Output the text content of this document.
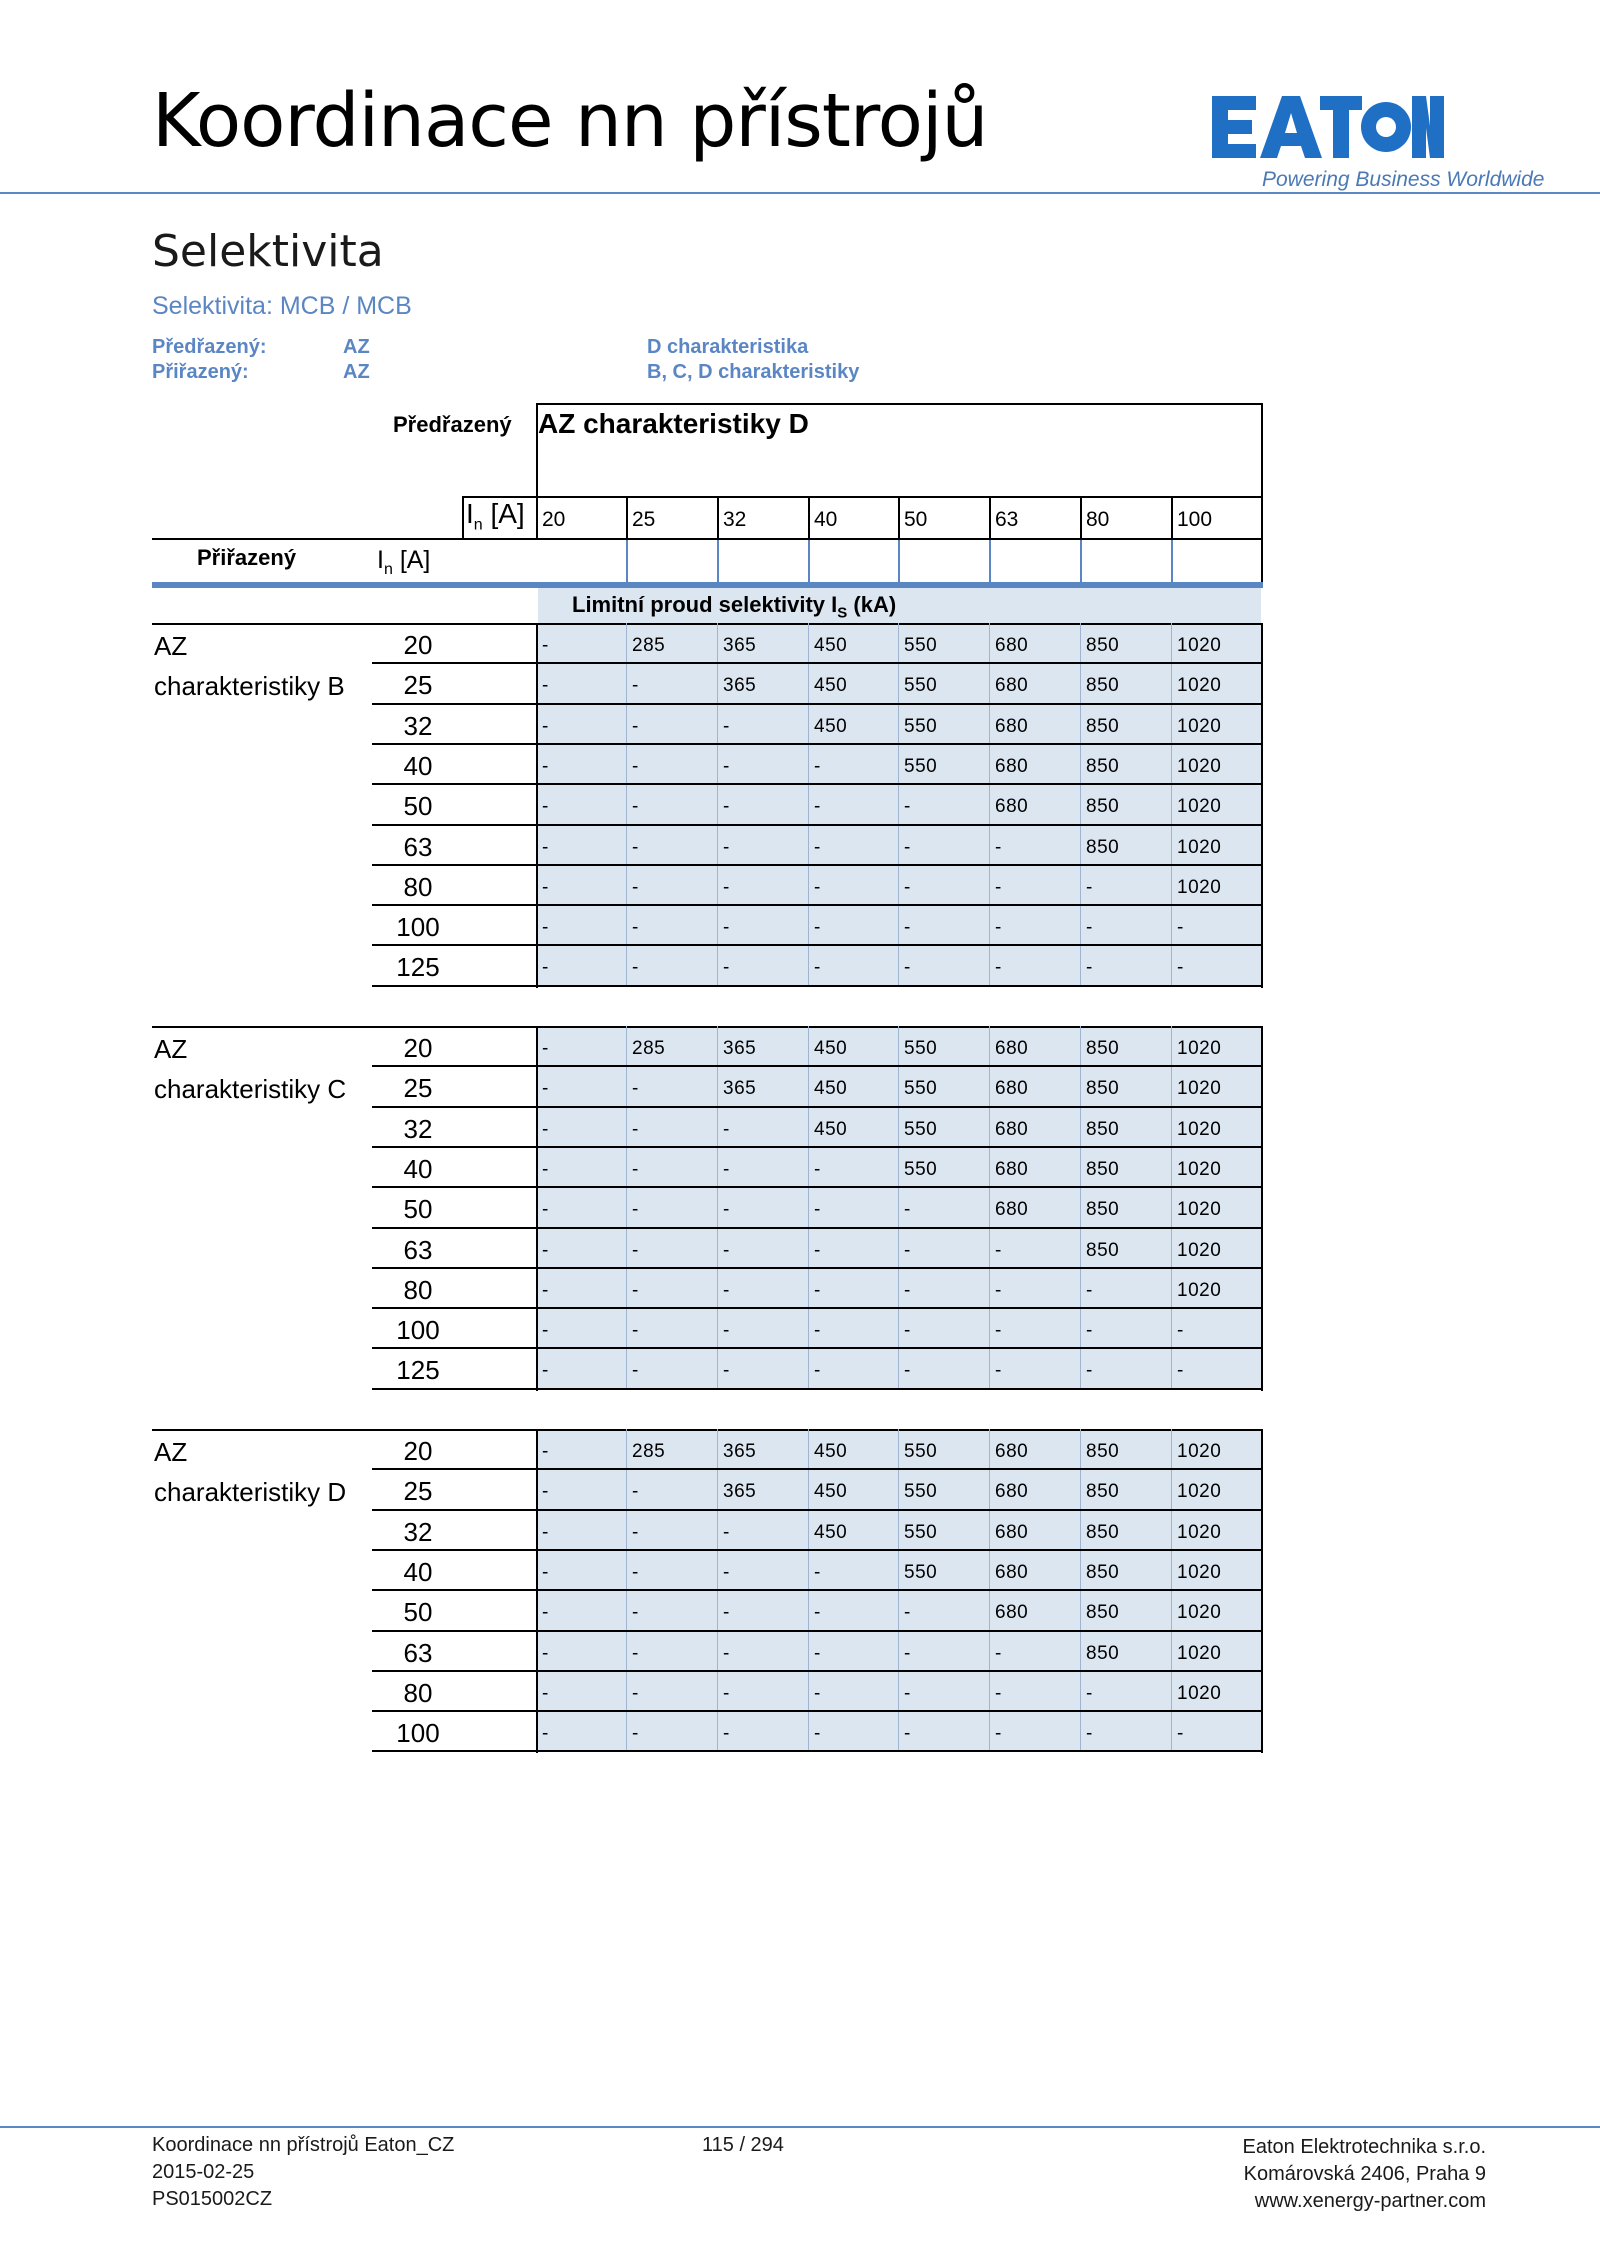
Koordinace nn přístrojů
Powering Business Worldwide
Selektivita
Selektivita: MCB / MCB
Předřazený:	AZ	D charakteristika
Přiřazený:	AZ	B, C, D charakteristiky
Předřazený AZ charakteristiky D
$I_n$ [A]
Přiřazený	$I_n$ [A]
Limitní proud selektivity $I_S$ (kA)
20	25	32	40	50	63	80	100
AZ
charakteristiky B
20	-	285	365	450	550	680	850	1020
25	-	-	365	450	550	680	850	1020
32	-	-	-	450	550	680	850	1020
40	-	-	-	-	550	680	850	1020
50	-	-	-	-	-	680	850	1020
63	-	-	-	-	-	-	850	1020
80	-	-	-	-	-	-	-	1020
100	-	-	-	-	-	-	-	-
125	-	-	-	-	-	-	-	-
AZ
charakteristiky C
20	-	285	365	450	550	680	850	1020
25	-	-	365	450	550	680	850	1020
32	-	-	-	450	550	680	850	1020
40	-	-	-	-	550	680	850	1020
50	-	-	-	-	-	680	850	1020
63	-	-	-	-	-	-	850	1020
80	-	-	-	-	-	-	-	1020
100	-	-	-	-	-	-	-	-
125	-	-	-	-	-	-	-	-
AZ
charakteristiky D
20	-	285	365	450	550	680	850	1020
25	-	-	365	450	550	680	850	1020
32	-	-	-	450	550	680	850	1020
40	-	-	-	-	550	680	850	1020
50	-	-	-	-	-	680	850	1020
63	-	-	-	-	-	-	850	1020
80	-	-	-	-	-	-	-	1020
100	-	-	-	-	-	-	-	-
Koordinace nn přístrojů Eaton_CZ
2015-02-25
PS015002CZ
115 / 294	Eaton Elektrotechnika s.r.o.
Komárovská 2406, Praha 9
www.xenergy-partner.com
